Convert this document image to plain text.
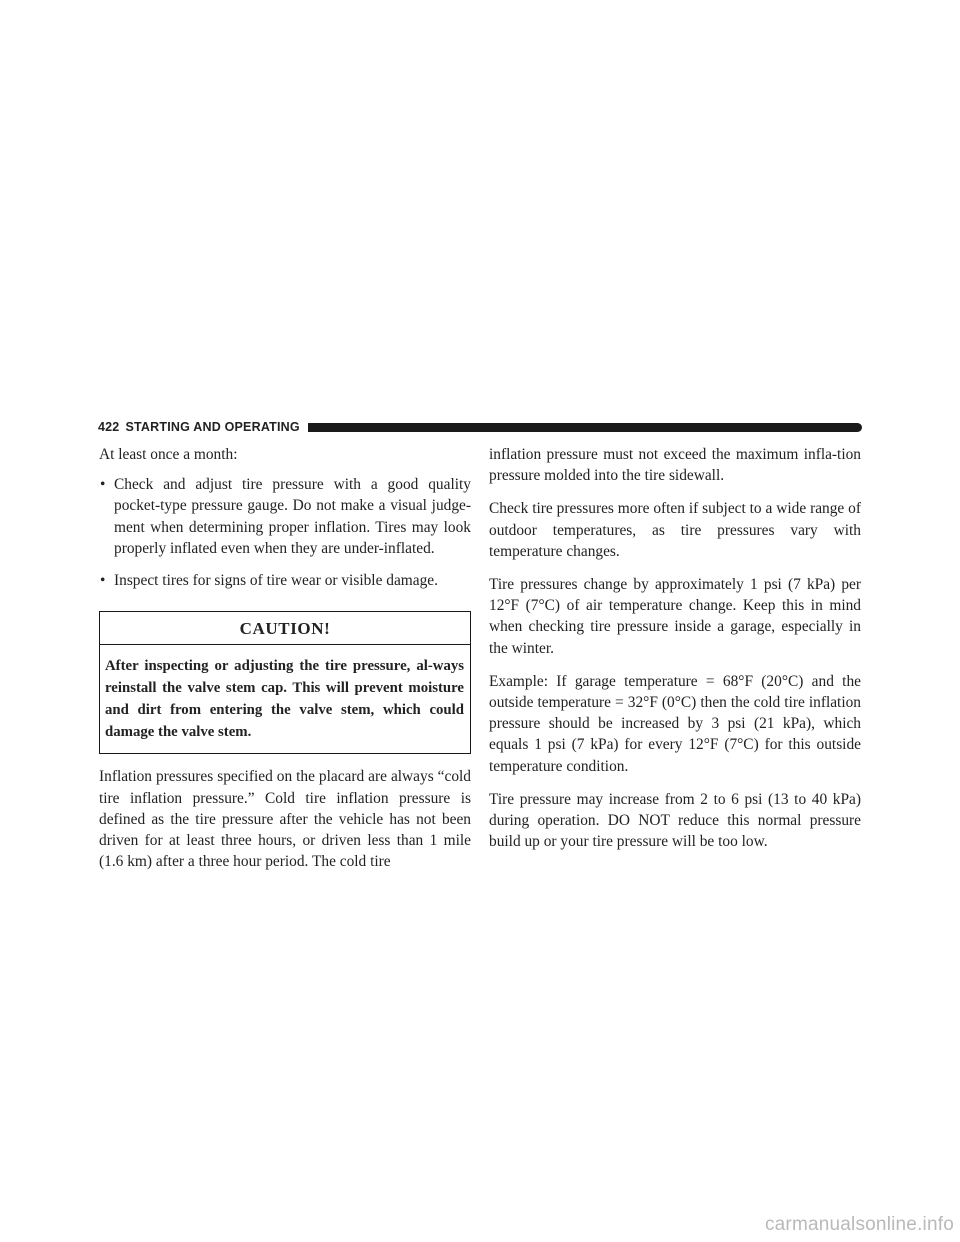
422 STARTING AND OPERATING

At least once a month:

• Check and adjust tire pressure with a good quality pocket-type pressure gauge. Do not make a visual judge-ment when determining proper inflation. Tires may look properly inflated even when they are under-inflated.
• Inspect tires for signs of tire wear or visible damage.
CAUTION!
After inspecting or adjusting the tire pressure, al-ways reinstall the valve stem cap. This will prevent moisture and dirt from entering the valve stem, which could damage the valve stem.

Inflation pressures specified on the placard are always “cold tire inflation pressure.” Cold tire inflation pressure is defined as the tire pressure after the vehicle has not been driven for at least three hours, or driven less than 1 mile (1.6 km) after a three hour period. The cold tire

inflation pressure must not exceed the maximum infla-tion pressure molded into the tire sidewall.

Check tire pressures more often if subject to a wide range of outdoor temperatures, as tire pressures vary with temperature changes.

Tire pressures change by approximately 1 psi (7 kPa) per 12°F (7°C) of air temperature change. Keep this in mind when checking tire pressure inside a garage, especially in the winter.

Example: If garage temperature = 68°F (20°C) and the outside temperature = 32°F (0°C) then the cold tire inflation pressure should be increased by 3 psi (21 kPa), which equals 1 psi (7 kPa) for every 12°F (7°C) for this outside temperature condition.

Tire pressure may increase from 2 to 6 psi (13 to 40 kPa) during operation. DO NOT reduce this normal pressure build up or your tire pressure will be too low.

carmanualsonline.info
